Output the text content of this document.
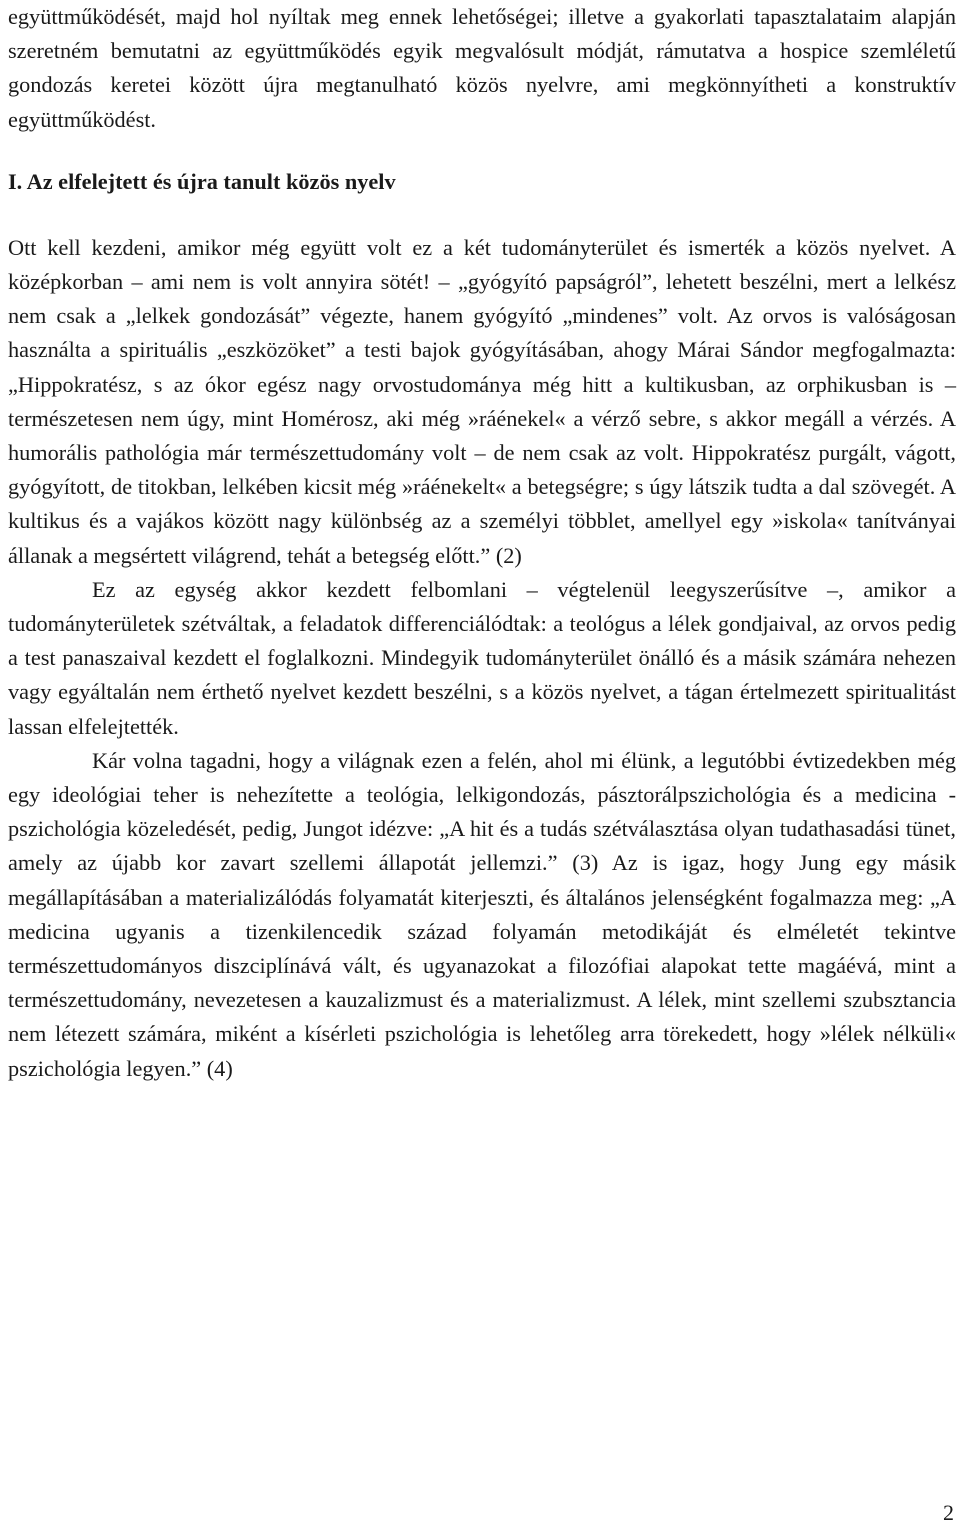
együttműködését, majd hol nyíltak meg ennek lehetőségei; illetve a gyakorlati tapasztalataim alapján szeretném bemutatni az együttműködés egyik megvalósult módját, rámutatva a hospice szemléletű gondozás keretei között újra megtanulható közös nyelvre, ami megkönnyítheti a konstruktív együttműködést.

I. Az elfelejtett és újra tanult közös nyelv

Ott kell kezdeni, amikor még együtt volt ez a két tudományterület és ismerték a közös nyelvet. A középkorban – ami nem is volt annyira sötét! – „gyógyító papságról”, lehetett beszélni, mert a lelkész nem csak a „lelkek gondozását” végezte, hanem gyógyító „mindenes” volt. Az orvos is valóságosan használta a spirituális „eszközöket” a testi bajok gyógyításában, ahogy Márai Sándor megfogalmazta: „Hippokratész, s az ókor egész nagy orvostudománya még hitt a kultikusban, az orphikusban is – természetesen nem úgy, mint Homérosz, aki még »ráénekel« a vérző sebre, s akkor megáll a vérzés. A humorális pathológia már természettudomány volt – de nem csak az volt. Hippokratész purgált, vágott, gyógyított, de titokban, lelkében kicsit még »ráénekelt« a betegségre; s úgy látszik tudta a dal szövegét. A kultikus és a vajákos között nagy különbség az a személyi többlet, amellyel egy »iskola« tanítványai állanak a megsértett világrend, tehát a betegség előtt.” (2)

Ez az egység akkor kezdett felbomlani – végtelenül leegyszerűsítve –, amikor a tudományterületek szétváltak, a feladatok differenciálódtak: a teológus a lélek gondjaival, az orvos pedig a test panaszaival kezdett el foglalkozni. Mindegyik tudományterület önálló és a másik számára nehezen vagy egyáltalán nem érthető nyelvet kezdett beszélni, s a közös nyelvet, a tágan értelmezett spiritualitást lassan elfelejtették.

Kár volna tagadni, hogy a világnak ezen a felén, ahol mi élünk, a legutóbbi évtizedekben még egy ideológiai teher is nehezítette a teológia, lelkigondozás, pásztorálpszichológia és a medicina - pszichológia közeledését, pedig, Jungot idézve: „A hit és a tudás szétválasztása olyan tudathasadási tünet, amely az újabb kor zavart szellemi állapotát jellemzi.” (3) Az is igaz, hogy Jung egy másik megállapításában a materializálódás folyamatát kiterjeszti, és általános jelenségként fogalmazza meg: „A medicina ugyanis a tizenkilencedik század folyamán metodikáját és elméletét tekintve természettudományos diszciplínává vált, és ugyanazokat a filozófiai alapokat tette magáévá, mint a természettudomány, nevezetesen a kauzalizmust és a materializmust. A lélek, mint szellemi szubsztancia nem létezett számára, miként a kísérleti pszichológia is lehetőleg arra törekedett, hogy »lélek nélküli« pszichológia legyen.” (4)

2
